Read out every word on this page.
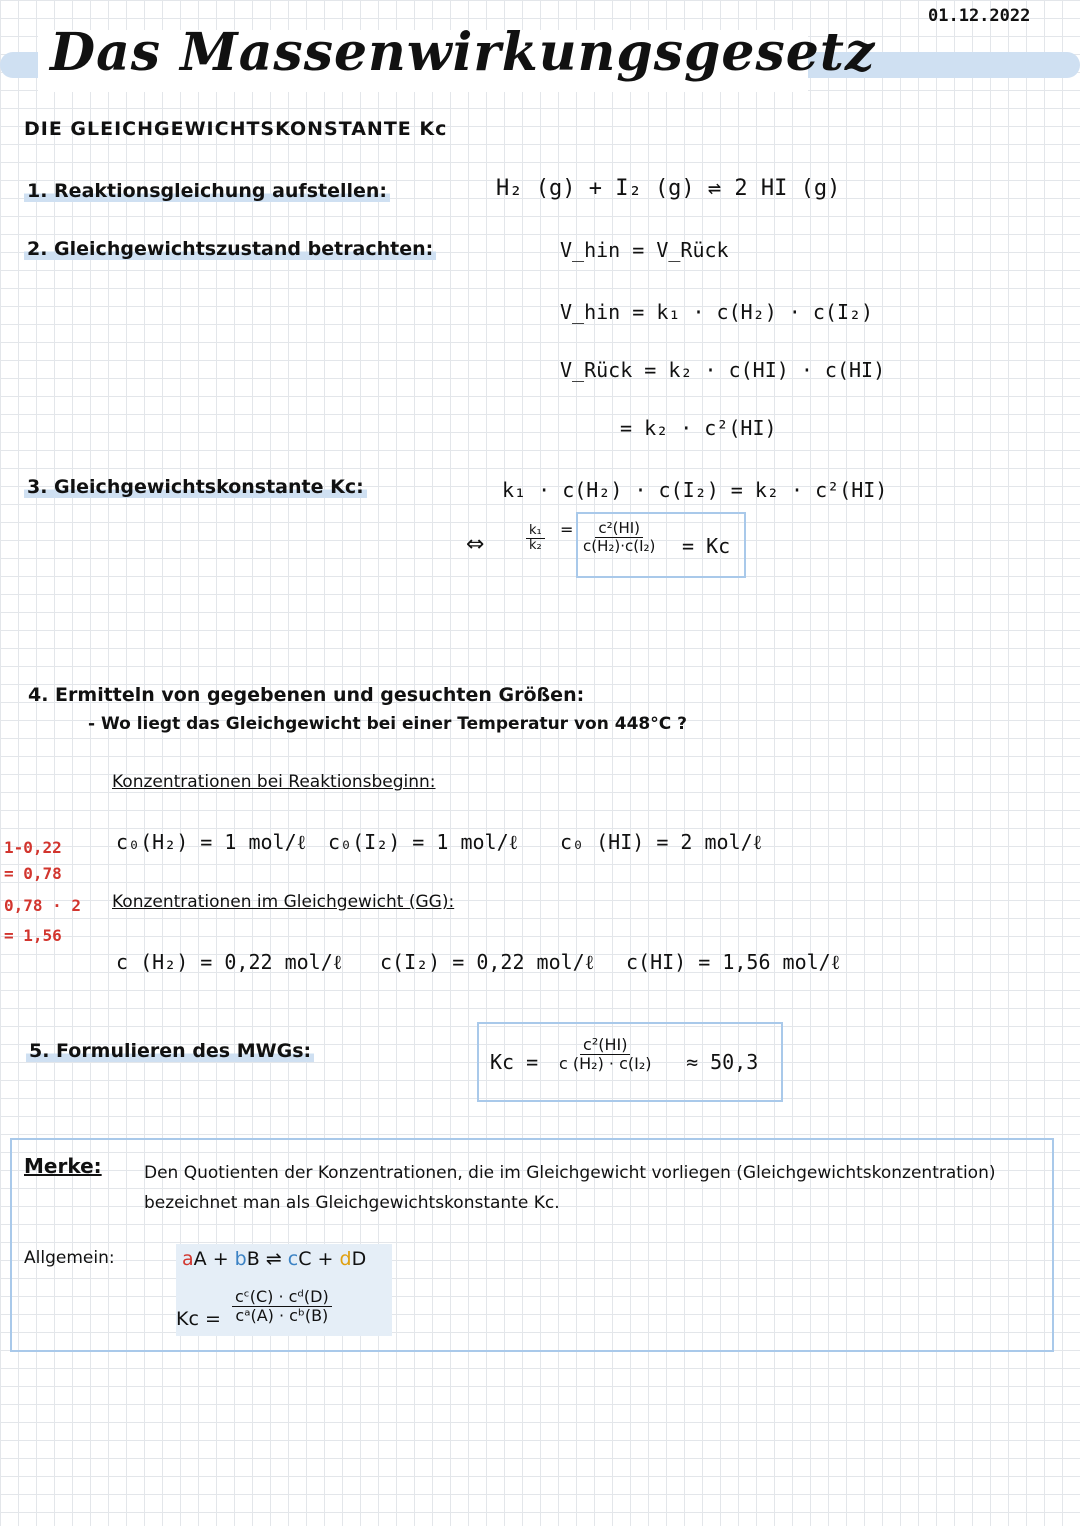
01.12.2022
Das Massenwirkungsgesetz
DIE GLEICHGEWICHTSKONSTANTE Kc
1. Reaktionsgleichung aufstellen:	H₂ (g) + I₂ (g) ⇌ 2 HI (g)
2. Gleichgewichtszustand betrachten:	V_hin = V_Rück
V_hin = k₁ · c(H₂) · c(I₂)
V_Rück = k₂ · c(HI) · c(HI)
= k₂ · c²(HI)
3. Gleichgewichtskonstante Kc:	k₁ · c(H₂) · c(I₂) = k₂ · c²(HI)
⇔	$\frac{\text{k₁}}{\text{k₂}} = \frac{\text{c²(HI)}}{\text{c(H₂)·c(I₂)}} = Kc$
4. Ermitteln von gegebenen und gesuchten Größen:
- Wo liegt das Gleichgewicht bei einer Temperatur von 448°C ?
Konzentrationen bei Reaktionsbeginn:
c₀(H₂) = 1 mol/ℓ c₀(I₂) = 1 mol/ℓ c₀ (HI) = 2 mol/ℓ
1-0,22
= 0,78
0,78 · 2
= 1,56
Konzentrationen im Gleichgewicht (GG):
c (H₂) = 0,22 mol/ℓ c(I₂) = 0,22 mol/ℓ c(HI) = 1,56 mol/ℓ
5. Formulieren des MWGs:	$Kc = \frac{\text{c²(HI)}}{\text{c (H₂) · c(I₂)}} \approx 50,3$
Merke: Den Quotienten der Konzentrationen, die im Gleichgewicht vorliegen (Gleichgewichtskonzentration) bezeichnet man als Gleichgewichtskonstante Kc.
Allgemein:	aA + bB ⇌ cC + dD
$Kc = \frac{\text{cᶜ(C) · cᵈ(D)}}{\text{cᵃ(A) · cᵇ(B)}}$
